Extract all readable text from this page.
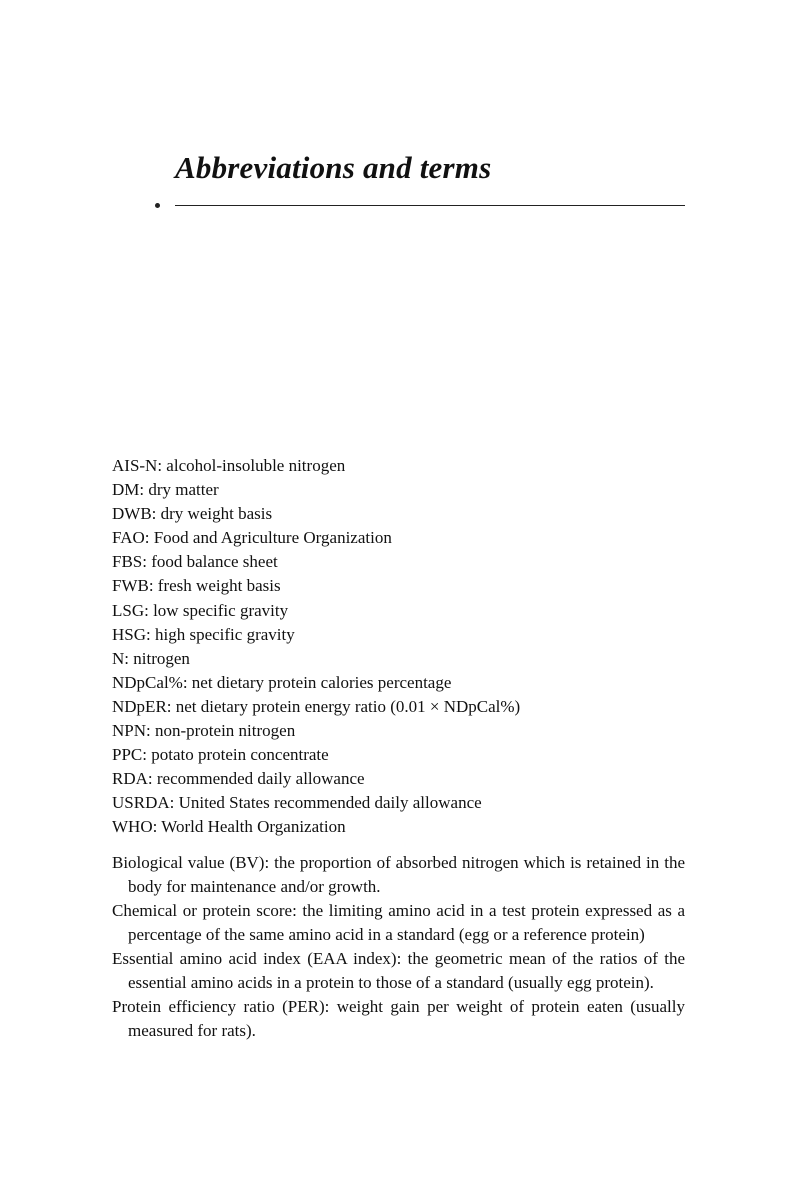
Abbreviations and terms
AIS-N: alcohol-insoluble nitrogen
DM: dry matter
DWB: dry weight basis
FAO: Food and Agriculture Organization
FBS: food balance sheet
FWB: fresh weight basis
LSG: low specific gravity
HSG: high specific gravity
N: nitrogen
NDpCal%: net dietary protein calories percentage
NDpER: net dietary protein energy ratio (0.01 × NDpCal%)
NPN: non-protein nitrogen
PPC: potato protein concentrate
RDA: recommended daily allowance
USRDA: United States recommended daily allowance
WHO: World Health Organization

Biological value (BV): the proportion of absorbed nitrogen which is retained in the body for maintenance and/or growth.

Chemical or protein score: the limiting amino acid in a test protein expressed as a percentage of the same amino acid in a standard (egg or a reference protein)

Essential amino acid index (EAA index): the geometric mean of the ratios of the essential amino acids in a protein to those of a standard (usually egg protein).

Protein efficiency ratio (PER): weight gain per weight of protein eaten (usually measured for rats).
